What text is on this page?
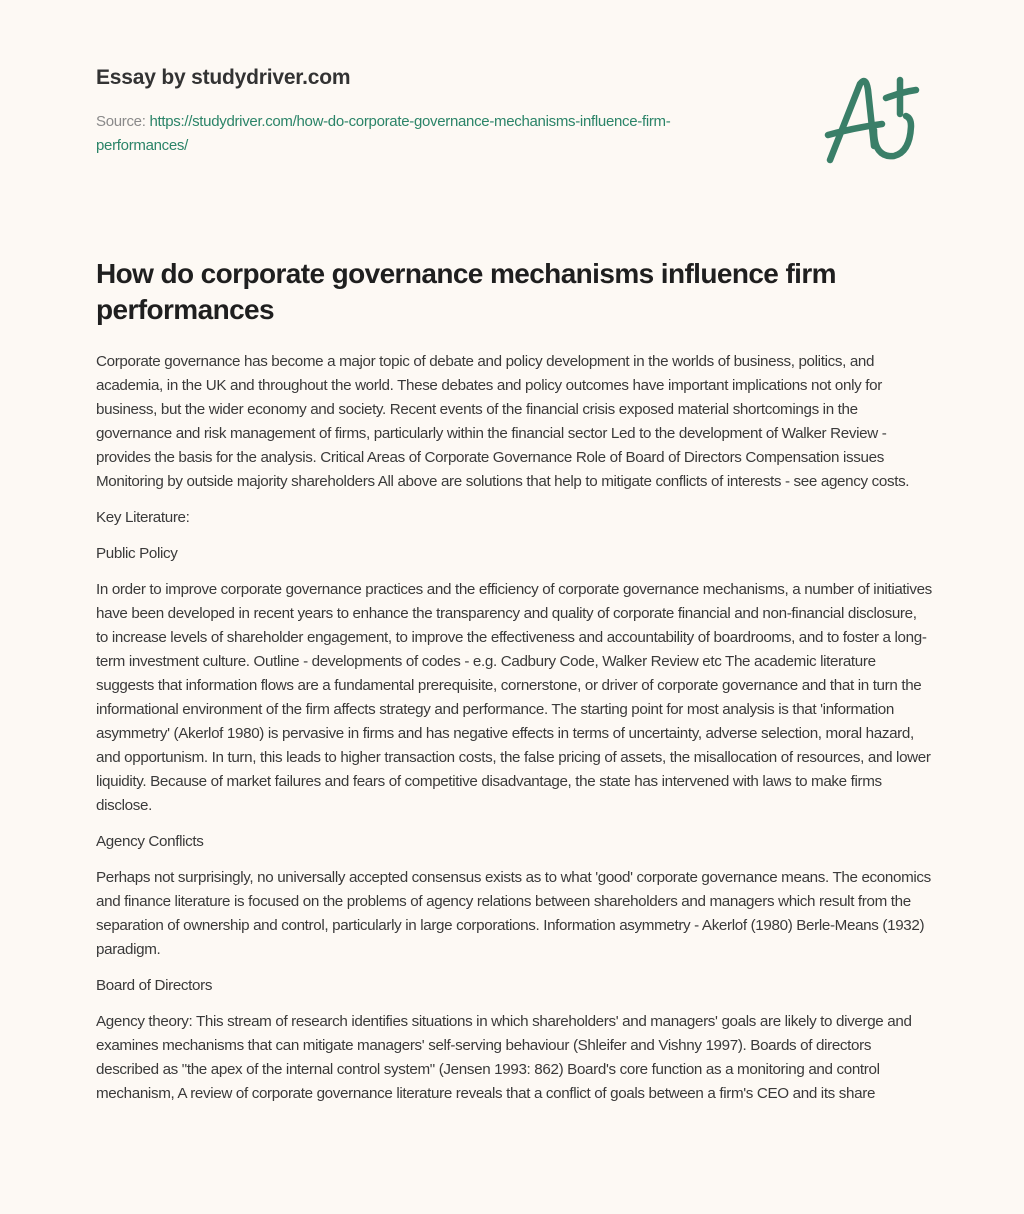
Essay by studydriver.com
Source: https://studydriver.com/how-do-corporate-governance-mechanisms-influence-firm-performances/
How do corporate governance mechanisms influence firm performances

Corporate governance has become a major topic of debate and policy development in the worlds of business, politics, and academia, in the UK and throughout the world. These debates and policy outcomes have important implications not only for business, but the wider economy and society. Recent events of the financial crisis exposed material shortcomings in the governance and risk management of firms, particularly within the financial sector Led to the development of Walker Review - provides the basis for the analysis. Critical Areas of Corporate Governance Role of Board of Directors Compensation issues Monitoring by outside majority shareholders All above are solutions that help to mitigate conflicts of interests - see agency costs.

Key Literature:

Public Policy

In order to improve corporate governance practices and the efficiency of corporate governance mechanisms, a number of initiatives have been developed in recent years to enhance the transparency and quality of corporate financial and non-financial disclosure, to increase levels of shareholder engagement, to improve the effectiveness and accountability of boardrooms, and to foster a long-term investment culture. Outline - developments of codes - e.g. Cadbury Code, Walker Review etc The academic literature suggests that information flows are a fundamental prerequisite, cornerstone, or driver of corporate governance and that in turn the informational environment of the firm affects strategy and performance. The starting point for most analysis is that 'information asymmetry' (Akerlof 1980) is pervasive in firms and has negative effects in terms of uncertainty, adverse selection, moral hazard, and opportunism. In turn, this leads to higher transaction costs, the false pricing of assets, the misallocation of resources, and lower liquidity. Because of market failures and fears of competitive disadvantage, the state has intervened with laws to make firms disclose.

Agency Conflicts

Perhaps not surprisingly, no universally accepted consensus exists as to what 'good' corporate governance means. The economics and finance literature is focused on the problems of agency relations between shareholders and managers which result from the separation of ownership and control, particularly in large corporations. Information asymmetry - Akerlof (1980) Berle-Means (1932) paradigm.

Board of Directors

Agency theory: This stream of research identifies situations in which shareholders' and managers' goals are likely to diverge and examines mechanisms that can mitigate managers' self-serving behaviour (Shleifer and Vishny 1997). Boards of directors described as "the apex of the internal control system" (Jensen 1993: 862) Board's core function as a monitoring and control mechanism, A review of corporate governance literature reveals that a conflict of goals between a firm's CEO and its share
